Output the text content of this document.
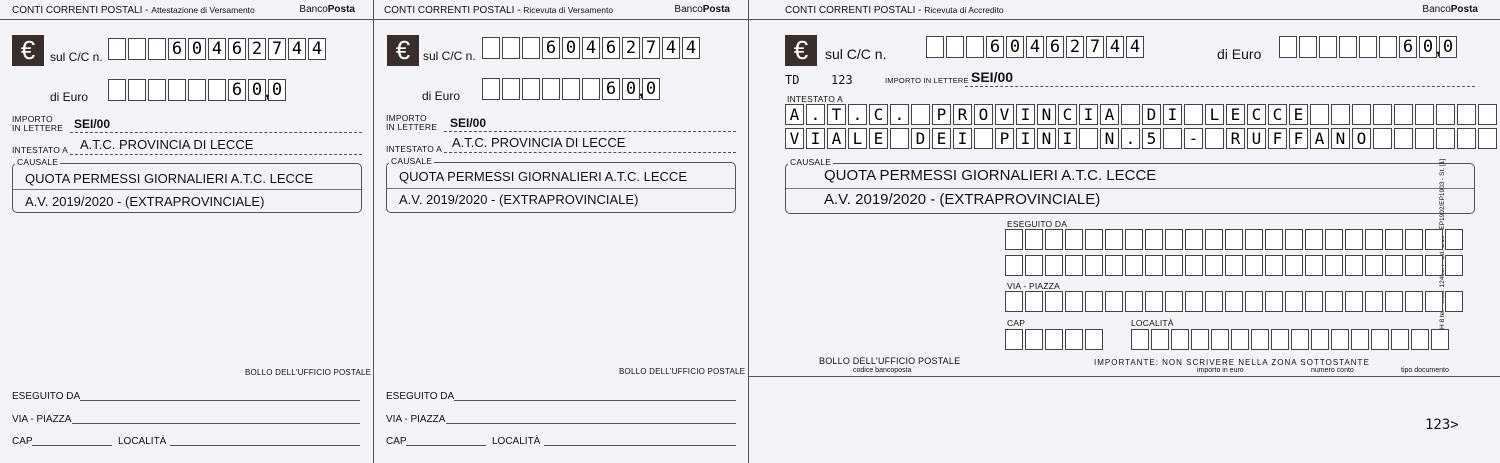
CONTI CORRENTI POSTALI - Attestazione di Versamento	BancoPosta
€	sul C/C n.	6 0 4 6 2 7 4 4
di Euro	6 0 0
,
IMPORTO
IN LETTERE SEI/00
INTESTATO A A.T.C. PROVINCIA DI LECCE
CAUSALE
QUOTA PERMESSI GIORNALIERI A.T.C. LECCE
A.V. 2019/2020 - (EXTRAPROVINCIALE)
BOLLO DELL'UFFICIO POSTALE
ESEGUITO DA
VIA - PIAZZA
CAP	LOCALITÀ
CONTI CORRENTI POSTALI - Ricevuta di Versamento	BancoPosta
€	sul C/C n.	6 0 4 6 2 7 4 4
di Euro	6 0 0
,
IMPORTO
IN LETTERE SEI/00
INTESTATO A A.T.C. PROVINCIA DI LECCE
CAUSALE
QUOTA PERMESSI GIORNALIERI A.T.C. LECCE
A.V. 2019/2020 - (EXTRAPROVINCIALE)
BOLLO DELL'UFFICIO POSTALE
ESEGUITO DA
VIA - PIAZZA
CAP	LOCALITÀ
CONTI CORRENTI POSTALI - Ricevuta di Accredito	BancoPosta
€	sul C/C n.	6 0 4 6 2 7 4 4	di Euro	6 0 0
,
TD	123	IMPORTO IN LETTERE SEI/00
INTESTATO A
A . T . C . P R O V I N C I A D I L E C C E
V I A L E D E I P I N I N . 5 - R U F F A N O
CAUSALE
QUOTA PERMESSI GIORNALIERI A.T.C. LECCE
A.V. 2019/2020 - (EXTRAPROVINCIALE)
8 ter 12409A EP1902/EP1903 - St. [1]
ESEGUITO DA
VIA - PIAZZA
CAP	LOCALITÀ
BOLLO DELL'UFFICIO POSTALE
codice bancoposta
IMPORTANTE: NON SCRIVERE NELLA ZONA SOTTOSTANTE
importo in euro	numero conto	tipo documento
123>
